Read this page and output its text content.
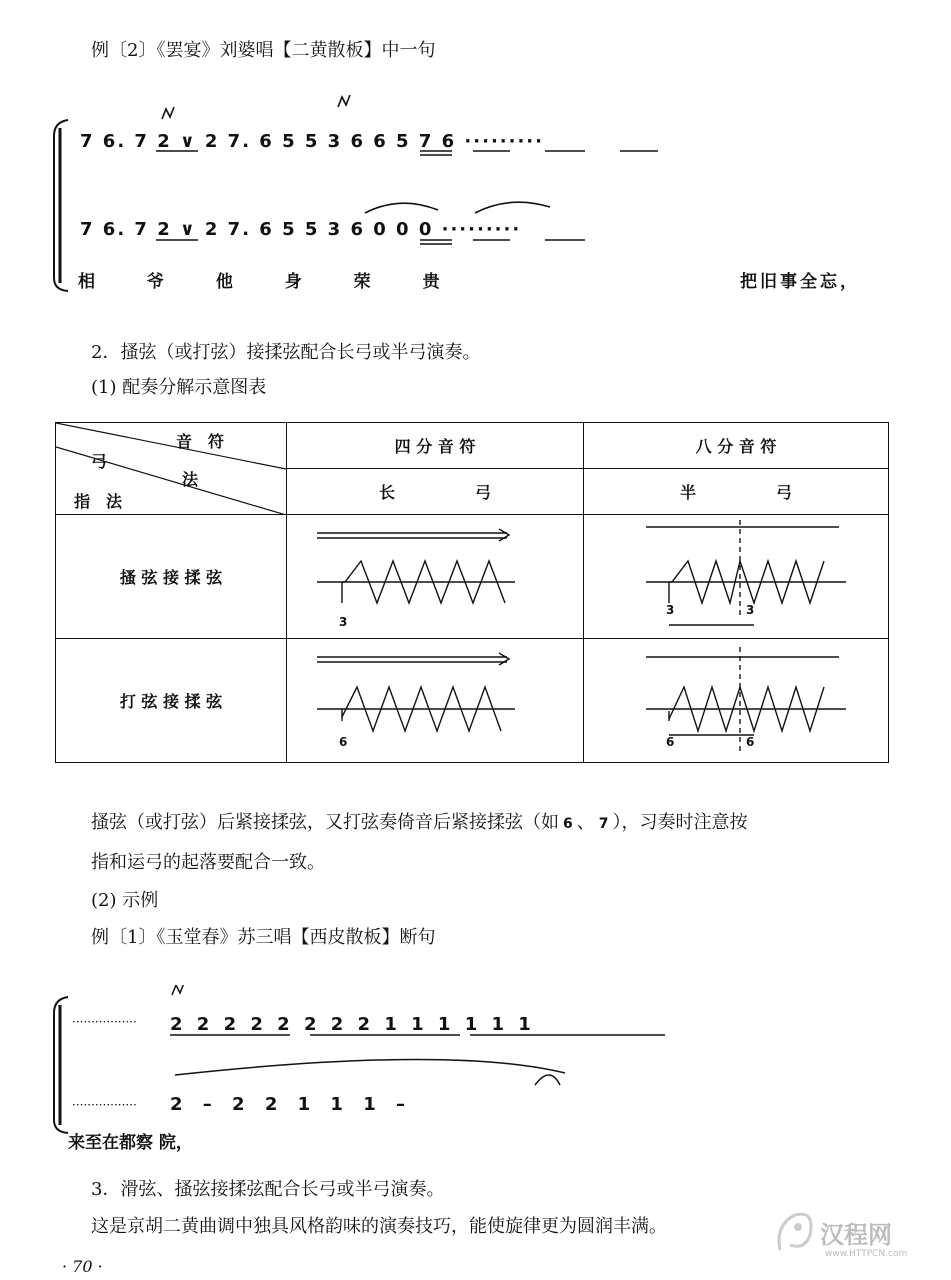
例〔2〕《罢宴》刘婆唱【二黄散板】中一句
7 6. 7 2 ∨ 2 7. 6 5 5 3 6 6 5 7 6 ·········
7 6. 7 2 ∨ 2 7. 6 5 5 3 6 0 0 0 ·········
相 爷 他 身 荣 贵	把旧事全忘，
2．搔弦（或打弦）接揉弦配合长弓或半弓演奏。
(1) 配奏分解示意图表
音　符
法
弓
指　法	四 分 音 符	八 分 音 符
	长　　　　　弓	半　　　　　弓
搔 弦 接 揉 弦	3	3 3

打 弦 接 揉 弦	6	6 6
搔弦（或打弦）后紧接揉弦，又打弦奏倚音后紧接揉弦（如 6 、 7 ），习奏时注意按
指和运弓的起落要配合一致。
(2) 示例
例〔1〕《玉堂春》苏三唱【西皮散板】断句
·················
·················
2 2 2 2 2 2 2 2 1 1 1 1 1 1
2 – 2 2 1 1 1 –
来至在都察 院，
3．滑弦、搔弦接揉弦配合长弓或半弓演奏。
这是京胡二黄曲调中独具风格韵味的演奏技巧，能使旋律更为圆润丰满。
· 70 ·
汉程网
www.HTTPCN.com
